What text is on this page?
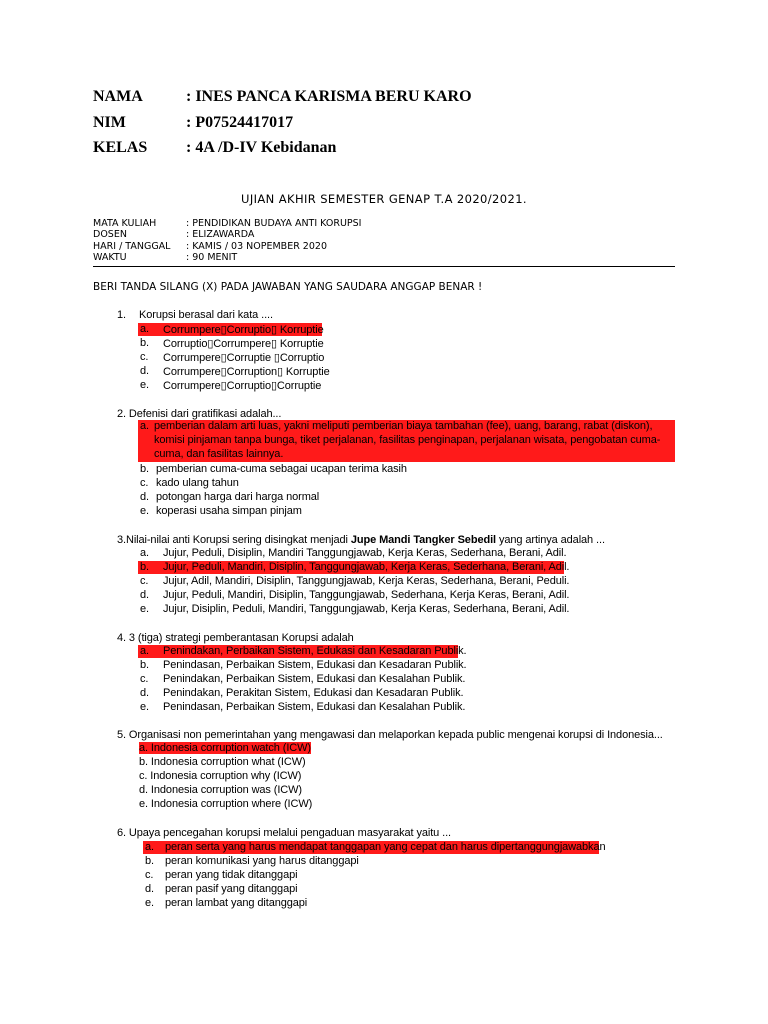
NAMA	: INES PANCA KARISMA BERU KARO
NIM	: P07524417017
KELAS : 4A /D-IV Kebidanan
UJIAN AKHIR SEMESTER GENAP T.A 2020/2021.
MATA KULIAH	: PENDIDIKAN BUDAYA ANTI KORUPSI
DOSEN	: ELIZAWARDA
HARI / TANGGAL : KAMIS / 03 NOPEMBER 2020
WAKTU	: 90 MENIT
BERI TANDA SILANG (X) PADA JAWABAN YANG SAUDARA ANGGAP BENAR !
1. Korupsi berasal dari kata ....
a. Corrumpere▯Corruptio▯ Korruptie
b. Corruptio▯Corrumpere▯ Korruptie
c. Corrumpere▯Corruptie ▯Corruptio
d. Corrumpere▯Corruption▯ Korruptie
e. Corrumpere▯Corruptio▯Corruptie
2. Defenisi dari gratifikasi adalah...
a. pemberian dalam arti luas, yakni meliputi pemberian biaya tambahan (fee), uang, barang, rabat (diskon),
komisi pinjaman tanpa bunga, tiket perjalanan, fasilitas penginapan, perjalanan wisata, pengobatan cuma-
cuma, dan fasilitas lainnya.
b. pemberian cuma-cuma sebagai ucapan terima kasih
c. kado ulang tahun
d. potongan harga dari harga normal
e. koperasi usaha simpan pinjam
3.Nilai-nilai anti Korupsi sering disingkat menjadi Jupe Mandi Tangker Sebedil yang artinya adalah ...
a. Jujur, Peduli, Disiplin, Mandiri Tanggungjawab, Kerja Keras, Sederhana, Berani, Adil.
b. Jujur, Peduli, Mandiri, Disiplin, Tanggungjawab, Kerja Keras, Sederhana, Berani, Adil.
c. Jujur, Adil, Mandiri, Disiplin, Tanggungjawab, Kerja Keras, Sederhana, Berani, Peduli.
d. Jujur, Peduli, Mandiri, Disiplin, Tanggungjawab, Sederhana, Kerja Keras, Berani, Adil.
e. Jujur, Disiplin, Peduli, Mandiri, Tanggungjawab, Kerja Keras, Sederhana, Berani, Adil.
4. 3 (tiga) strategi pemberantasan Korupsi adalah
a. Penindakan, Perbaikan Sistem, Edukasi dan Kesadaran Publik.
b. Penindasan, Perbaikan Sistem, Edukasi dan Kesadaran Publik.
c. Penindakan, Perbaikan Sistem, Edukasi dan Kesalahan Publik.
d. Penindakan, Perakitan Sistem, Edukasi dan Kesadaran Publik.
e. Penindasan, Perbaikan Sistem, Edukasi dan Kesalahan Publik.
5. Organisasi non pemerintahan yang mengawasi dan melaporkan kepada public mengenai korupsi di Indonesia...
a. Indonesia corruption watch (ICW)
b. Indonesia corruption what (ICW)
c. Indonesia corruption why (ICW)
d. Indonesia corruption was (ICW)
e. Indonesia corruption where (ICW)
6. Upaya pencegahan korupsi melalui pengaduan masyarakat yaitu ...
a. peran serta yang harus mendapat tanggapan yang cepat dan harus dipertanggungjawabkan
b. peran komunikasi yang harus ditanggapi
c. peran yang tidak ditanggapi
d. peran pasif yang ditanggapi
e. peran lambat yang ditanggapi
